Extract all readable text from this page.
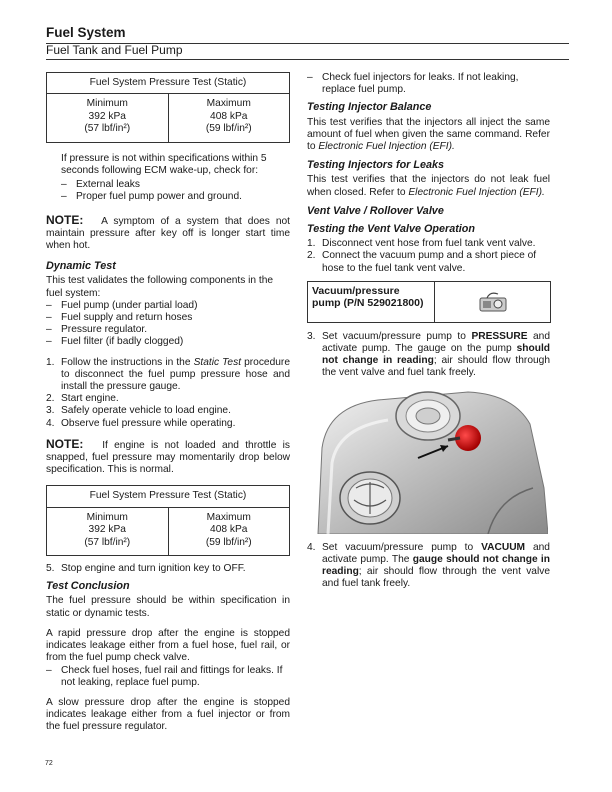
Fuel System
Fuel Tank and Fuel Pump
Fuel System Pressure Test (Static)
Minimum
392 kPa
(57 lbf/in²)
Maximum
408 kPa
(59 lbf/in²)

If pressure is not within specifications within 5 seconds following ECM wake-up, check for:

– External leaks
– Proper fuel pump power and ground.

NOTE: A symptom of a system that does not maintain pressure after key off is longer start time when hot.

Dynamic Test

This test validates the following components in the fuel system:

– Fuel pump (under partial load)
– Fuel supply and return hoses
– Pressure regulator.
– Fuel filter (if badly clogged)
1. Follow the instructions in the Static Test procedure to disconnect the fuel pump pressure hose and install the pressure gauge.
2. Start engine.
3. Safely operate vehicle to load engine.
4. Observe fuel pressure while operating.

NOTE: If engine is not loaded and throttle is snapped, fuel pressure may momentarily drop below specification. This is normal.

Fuel System Pressure Test (Static)
Minimum
392 kPa
(57 lbf/in²)
Maximum
408 kPa
(59 lbf/in²)
5. Stop engine and turn ignition key to OFF.

Test Conclusion

The fuel pressure should be within specification in static or dynamic tests.

A rapid pressure drop after the engine is stopped indicates leakage either from a fuel hose, fuel rail, or from the fuel pump check valve.

– Check fuel hoses, fuel rail and fittings for leaks. If not leaking, replace fuel pump.

A slow pressure drop after the engine is stopped indicates leakage either from a fuel injector or from the fuel pressure regulator.

– Check fuel injectors for leaks. If not leaking, replace fuel pump.

Testing Injector Balance

This test verifies that the injectors all inject the same amount of fuel when given the same command. Refer to Electronic Fuel Injection (EFI).

Testing Injectors for Leaks

This test verifies that the injectors do not leak fuel when closed. Refer to Electronic Fuel Injection (EFI).

Vent Valve / Rollover Valve

Testing the Vent Valve Operation

1. Disconnect vent hose from fuel tank vent valve.
2. Connect the vacuum pump and a short piece of hose to the fuel tank vent valve.
Vacuum/pressure pump (P/N 529021800)
3. Set vacuum/pressure pump to PRESSURE and activate pump. The gauge on the pump should not change in reading; air should flow through the vent valve and fuel tank freely.
4. Set vacuum/pressure pump to VACUUM and activate pump. The gauge should not change in reading; air should flow through the vent valve and fuel tank freely.
72
